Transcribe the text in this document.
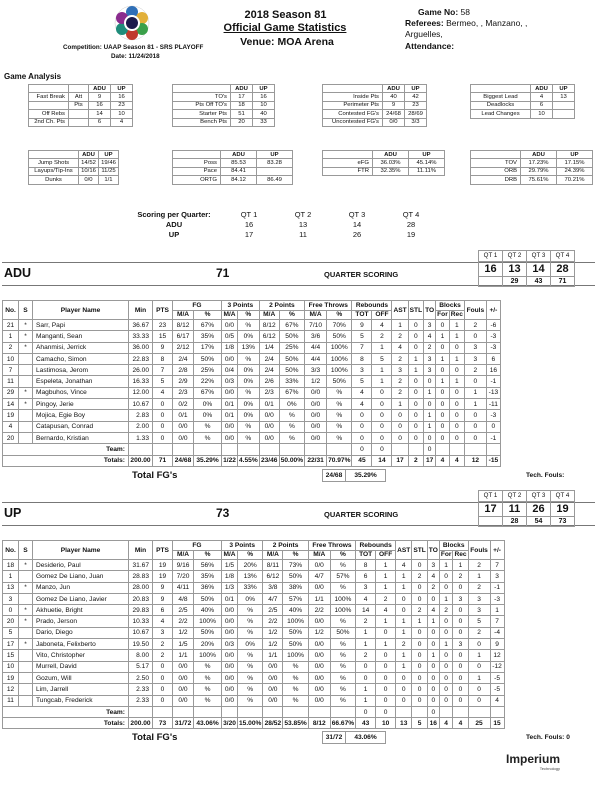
Competition: UAAP Season 81 - SRS PLAYOFF
Date: 11/24/2018
2018 Season 81
Official Game Statistics
Venue: MOA Arena
Game No: 58
Referees: Bermeo, , Manzano, , Arguelles,
Attendance:
Game Analysis
		ADU	UP
Fast Break	Att	9	16
	Pts	16	23
Off Rebs		14	10
2nd Ch. Pts		6	4
	ADU	UP
TO's	17	16
Pts Off TO's	18	10
Starter Pts	51	40
Bench Pts	20	33
	ADU	UP
Inside Pts	40	42
Perimeter Pts	9	23
Contested FG's	24/68	28/69
Uncontested FG's	0/0	3/3
	ADU	UP
Biggest Lead	4	13
Deadlocks	6	
Lead Changes	10	
	ADU	UP
Jump Shots	14/52	19/46
Layups/Tip-Ins	10/16	11/25
Dunks	0/0	1/1
	ADU	UP
Poss	85.53	83.28
Pace	84.41	
ORTG	84.12	86.49
	ADU	UP
eFG	36.03%	45.14%
FTR	32.35%	11.11%
	ADU	UP
TOV	17.23%	17.15%
ORB	29.79%	24.39%
DRB	75.61%	70.21%
Scoring per Quarter:	QT 1	QT 2	QT 3	QT 4
ADU	16	13	14	28
UP	17	11	26	19
ADU	71	QUARTER SCORING
QT 1	QT 2	QT 3	QT 4
16	13	14	28
	29	43	71
No.	S	Player Name	Min	PTS	FG		3 Points		2 Points		Free Throws		Rebounds		AST	STL	TO	Blocks		Fouls	+/-
					M/A	%	M/A	%	M/A	%	M/A	%	TOT	OFF				For	Rec		
21	*	Sarr, Papi	36.67	23	8/12	67%	0/0	%	8/12	67%	7/10	70%	9	4	1	0	3	0	1	2	-6
1	*	Manganti, Sean	33.33	15	6/17	35%	0/5	0%	6/12	50%	3/6	50%	5	2	2	0	4	1	1	0	-3
2	*	Ahanmisi, Jerrick	36.00	9	2/12	17%	1/8	13%	1/4	25%	4/4	100%	7	1	4	0	2	0	0	3	-3
10		Camacho, Simon	22.83	8	2/4	50%	0/0	%	2/4	50%	4/4	100%	8	5	2	1	3	1	1	3	6
7		Lastimosa, Jerom	26.00	7	2/8	25%	0/4	0%	2/4	50%	3/3	100%	3	1	3	1	3	0	0	2	16
11		Espeleta, Jonathan	16.33	5	2/9	22%	0/3	0%	2/6	33%	1/2	50%	5	1	2	0	0	1	1	0	-1
29	*	Magbuhos, Vince	12.00	4	2/3	67%	0/0	%	2/3	67%	0/0	%	4	0	2	0	1	0	0	1	-13
14	*	Pingoy, Jerie	10.67	0	0/2	0%	0/1	0%	0/1	0%	0/0	%	4	0	1	0	0	0	0	1	-11
19		Mojica, Egie Boy	2.83	0	0/1	0%	0/1	0%	0/0	%	0/0	%	0	0	0	0	1	0	0	0	-3
4		Catapusan, Conrad	2.00	0	0/0	%	0/0	%	0/0	%	0/0	%	0	0	0	0	1	0	0	0	0
20		Bernardo, Kristian	1.33	0	0/0	%	0/0	%	0/0	%	0/0	%	0	0	0	0	0	0	0	0	-1
Team:													0	0			0				
Totals:			200.00	71	24/68	35.29%	1/22	4.55%	23/46	50.00%	22/31	70.97%	45	14	17	2	17	4	4	12	-15
Total FG's	24/68	35.29%	Tech. Fouls:
UP	73	QUARTER SCORING
QT 1	QT 2	QT 3	QT 4
17	11	26	19
	28	54	73
No.	S	Player Name	Min	PTS	FG		3 Points		2 Points		Free Throws		Rebounds		AST	STL	TO	Blocks		Fouls	+/-
					M/A	%	M/A	%	M/A	%	M/A	%	TOT	OFF				For	Rec		
18	*	Desiderio, Paul	31.67	19	9/16	56%	1/5	20%	8/11	73%	0/0	%	8	1	4	0	3	1	1	2	7
1		Gomez De Liano, Juan	28.83	19	7/20	35%	1/8	13%	6/12	50%	4/7	57%	6	1	1	2	4	0	2	1	3
13	*	Manzo, Jun	28.00	9	4/11	36%	1/3	33%	3/8	38%	0/0	%	3	1	1	0	2	0	0	2	-1
3		Gomez De Liano, Javier	20.83	9	4/8	50%	0/1	0%	4/7	57%	1/1	100%	4	2	0	0	0	1	3	3	-3
0	*	Akhuetie, Bright	29.83	6	2/5	40%	0/0	%	2/5	40%	2/2	100%	14	4	0	2	4	2	0	3	1
20	*	Prado, Jerson	10.33	4	2/2	100%	0/0	%	2/2	100%	0/0	%	2	1	1	1	1	0	0	5	7
5		Dario, Diego	10.67	3	1/2	50%	0/0	%	1/2	50%	1/2	50%	1	0	1	0	0	0	0	2	-4
17	*	Jaboneta, Felixberto	19.50	2	1/5	20%	0/3	0%	1/2	50%	0/0	%	1	1	2	0	0	1	3	0	9
15		Vito, Christopher	8.00	2	1/1	100%	0/0	%	1/1	100%	0/0	%	2	0	1	0	1	0	0	1	12
10		Murrell, David	5.17	0	0/0	%	0/0	%	0/0	%	0/0	%	0	0	1	0	0	0	0	0	-12
19		Gozum, Will	2.50	0	0/0	%	0/0	%	0/0	%	0/0	%	0	0	0	0	0	0	0	1	-5
12		Lim, Jarrell	2.33	0	0/0	%	0/0	%	0/0	%	0/0	%	1	0	0	0	0	0	0	0	-5
11		Tungcab, Frederick	2.33	0	0/0	%	0/0	%	0/0	%	0/0	%	1	0	0	0	0	0	0	0	4
Team:													0	0			0				
Totals:			200.00	73	31/72	43.06%	3/20	15.00%	28/52	53.85%	8/12	66.67%	43	10	13	5	16	4	4	25	15
Total FG's	31/72	43.06%	Tech. Fouls: 0
Imperium
Technology
